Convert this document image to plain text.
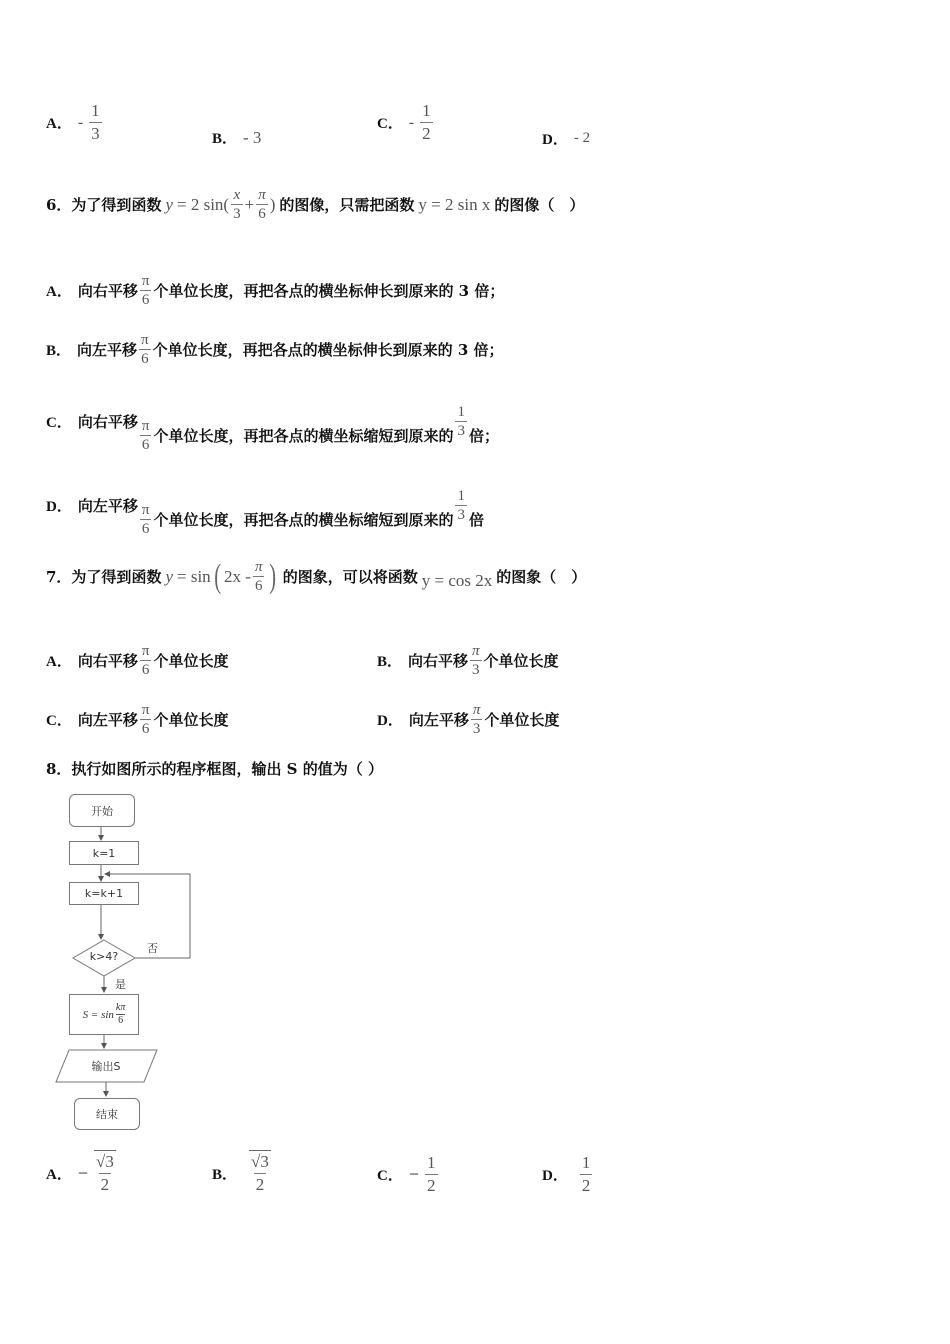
A． - $\frac{1}{3}$	B． - 3
C． - $\frac{1}{2}$	D． - 2
6．为了得到函数 y = 2 $\sin( \frac{x}{3} + \frac{\pi}{6}$ ) 的图像，只需把函数 y = 2 sin x 的图像（　）
A． 向右平移 $\frac{\pi}{6}$ 个单位长度，再把各点的横坐标伸长到原来的 3 倍；
B． 向左平移 $\frac{\pi}{6}$ 个单位长度，再把各点的横坐标伸长到原来的 3 倍；
C． 向右平移 $\frac{\pi}{6}$ 个单位长度，再把各点的横坐标缩短到原来的 $\frac{1}{3}$ 倍；
D． 向左平移 $\frac{\pi}{6}$ 个单位长度，再把各点的横坐标缩短到原来的 $\frac{1}{3}$ 倍
7．为了得到函数 y = sin ( $2x - \frac{\pi}{6}$ ) 的图象，可以将函数 y = cos 2x 的图象（　）
A． 向右平移 $\frac{\pi}{6}$ 个单位长度	B． 向右平移 $\frac{\pi}{3}$ 个单位长度
C． 向左平移 $\frac{\pi}{6}$ 个单位长度	D． 向左平移 $\frac{\pi}{3}$ 个单位长度
8．执行如图所示的程序框图，输出 S 的值为（ ）
开始
k=1
k=k+1
k>4?
否
是
$S = \sin \frac{k\pi}{6}$
输出S
结束
A． − $\frac{√3}{2}$	B． $\frac{√3}{2}$	C． − $\frac{1}{2}$	D． $\frac{1}{2}$
